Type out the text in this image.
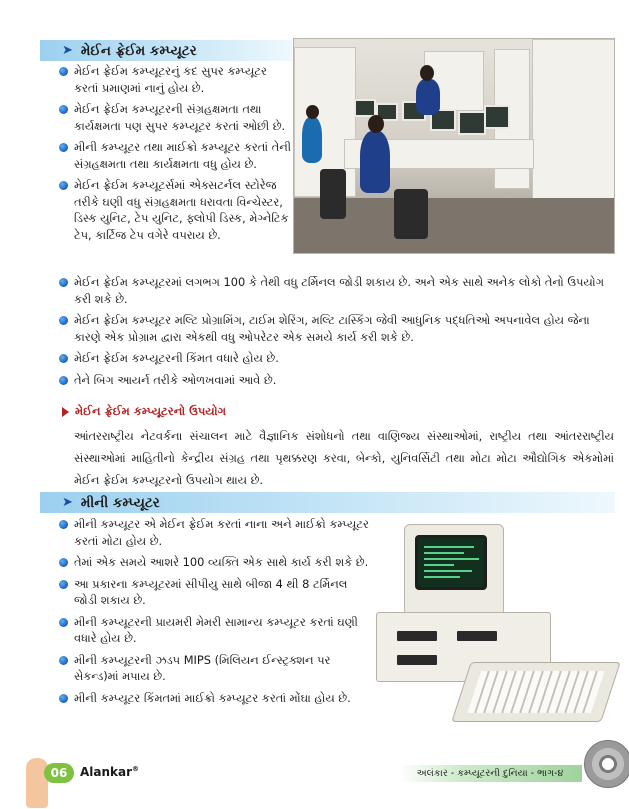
➤ મેઈન ફ્રેઈમ કમ્પ્યૂટર
મેઈન ફ્રેઈમ કમ્પ્યૂટરનું કદ સુપર કમ્પ્યૂટર કરતાં પ્રમાણમાં નાનું હોય છે.
મેઈન ફ્રેઈમ કમ્પ્યૂટરની સંગ્રહક્ષમતા તથા કાર્યક્ષમતા પણ સુપર કમ્પ્યૂટર કરતાં ઓછી છે.
મીની કમ્પ્યૂટર તથા માઈક્રો કમ્પ્યૂટર કરતાં તેની સંગ્રહક્ષમતા તથા કાર્યક્ષમતા વધુ હોય છે.
મેઈન ફ્રેઈમ કમ્પ્યૂટર્સમાં એક્સટર્નલ સ્ટોરેજ તરીકે ઘણી વધુ સંગ્રહક્ષમતા ધરાવતા વિન્ચેસ્ટર, ડિસ્ક યુનિટ, ટેપ યુનિટ, ફ્લોપી ડિસ્ક, મેગ્નેટિક ટેપ, કાર્ટિજ ટેપ વગેરે વપરાય છે.
મેઈન ફ્રેઈમ કમ્પ્યૂટરમાં લગભગ 100 કે તેથી વધુ ટર્મિનલ જોડી શકાય છે. અને એક સાથે અનેક લોકો તેનો ઉપયોગ કરી શકે છે.
મેઈન ફ્રેઈમ કમ્પ્યૂટર મલ્ટિ પ્રોગ્રામિંગ, ટાઈમ શેરિંગ, મલ્ટિ ટાસ્કિંગ જેવી આધુનિક પદ્ધતિઓ અપનાવેલ હોય જેના કારણે એક પ્રોગ્રામ દ્વારા એકથી વધુ ઓપરેટર એક સમયે કાર્ય કરી શકે છે.
મેઈન ફ્રેઈમ કમ્પ્યૂટરની કિંમત વધારે હોય છે.
તેને બિગ આયર્ન તરીકે ઓળખવામાં આવે છે.
મેઈન ફ્રેઈમ કમ્પ્યૂટરનો ઉપયોગ
આંતરરાષ્ટ્રીય નેટવર્કના સંચાલન માટે વૈજ્ઞાનિક સંશોધનો તથા વાણિજ્ય સંસ્થાઓમાં, રાષ્ટ્રીય તથા આંતરરાષ્ટ્રીય સંસ્થાઓમાં માહિતીનો કેન્દ્રીય સંગ્રહ તથા પૃથક્કરણ કરવા, બેન્કો, યુનિવર્સિટી તથા મોટા મોટા ઔદ્યોગિક એકમોમાં મેઈન ફ્રેઈમ કમ્પ્યૂટરનો ઉપયોગ થાય છે.
➤ મીની કમ્પ્યૂટર
મીની કમ્પ્યૂટર એ મેઈન ફ્રેઈમ કરતાં નાના અને માઈક્રો કમ્પ્યૂટર કરતાં મોટા હોય છે.
તેમાં એક સમયે આશરે 100 વ્યક્તિ એક સાથે કાર્ય કરી શકે છે.
આ પ્રકારના કમ્પ્યૂટરમાં સીપીયુ સાથે બીજા 4 થી 8 ટર્મિનલ જોડી શકાય છે.
મીની કમ્પ્યૂટરની પ્રાયમરી મેમરી સામાન્ય કમ્પ્યૂટર કરતાં ઘણી વધારે હોય છે.
મીની કમ્પ્યૂટરની ઝડપ MIPS (મિલિયન ઈન્સ્ટ્રક્શન પર સેકન્ડ)માં મપાય છે.
મીની કમ્પ્યૂટર કિંમતમાં માઈક્રો કમ્પ્યૂટર કરતાં મોંઘા હોય છે.
06	Alankar®	અલંકાર - કમ્પ્યૂટરની દુનિયા - ભાગ-૪
